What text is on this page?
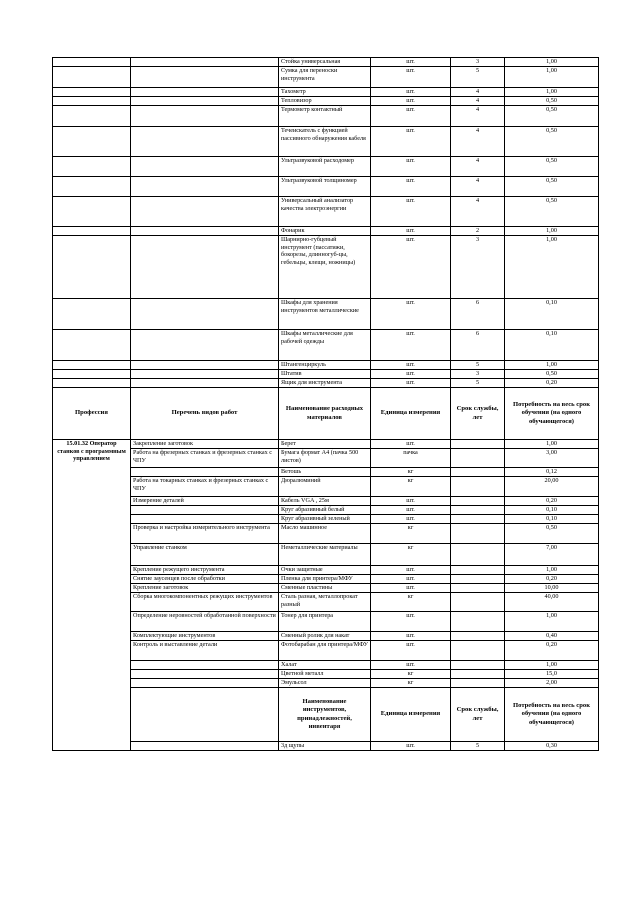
		Стойка универсальная	шт.	3	1,00
		Сумка для переноски инструмента	шт.	5	1,00
		Тахометр	шт.	4	1,00
		Тепловизор	шт.	4	0,50
		Термометр контактный	шт.	4	0,50
		Течеискатель с функцией пассивного обнаружения кабеля	шт.	4	0,50
		Ультразвуковой расходомер	шт.	4	0,50
		Ультразвуковой толщиномер	шт.	4	0,50
		Универсальный анализатор качества электроэнергии	шт.	4	0,50
		Фонарик	шт.	2	1,00
		Шарнирно-губцевый инструмент (пассатижи, бокорезы, длинногуб-цы, гебельцы, клещи, ножницы)	шт.	3	1,00
		Шкафы для хранения инструментов металлические	шт.	6	0,10
		Шкафы металлические для рабочей одежды	шт.	6	0,10
		Штангенциркуль	шт.	5	1,00
		Штатив	шт.	3	0,50
		Ящик для инструмента	шт.	5	0,20
Профессия	Перечень видов работ	Наименование расходных материалов	Единица измерения	Срок службы, лет	Потребность на весь срок обучения (на одного обучающегося)
15.01.32 Оператор станков с программным управлением	Закрепление заготовок	Берет	шт.		1,00
	Работа на фрезерных станках и фрезерных станках с ЧПУ	Бумага формат А4 (пачка 500 листов)	пачка		3,00
		Ветошь	кг		0,12
	Работа на токарных станках и фрезерных станках с ЧПУ	Дюралюминий	кг		20,00
	Измерение деталей	Кабель VGA , 25м	шт.		0,20
		Круг абразивный белый	шт.		0,10
		Круг абразивный зеленый	шт.		0,10
	Проверка и настройка измерительного инструмента	Масло машинное	кг		0,50
	Управление станком	Неметаллические материалы	кг		7,00
	Крепление режущего инструмента	Очки защитные	шт.		1,00
	Снятие заусенцев после обработки	Пленка для принтера/МФУ	шт.		0,20
	Крепление заготовок	Сменные пластины	шт.		10,00
	Сборка многокомпонентных режущих инструментов	Сталь разная, металлопрокат разный	кг		40,00
	Определение неровностей обработанной поверхности	Тонер для принтера	шт.		1,00
	Комплектующие инструментов	Сменный ролик для накат	шт.		0,40
	Контроль и выставление детали	Фотобарабан для принтера/МФУ	шт.		0,20
		Халат	шт.		1,00
		Цветной металл	кг		15,0
		Эмульсол	кг		2,00
		Наименование инструментов, принадлежностей, инвентаря	Единица измерения	Срок службы, лет	Потребность на весь срок обучения (на одного обучающегося)
		3д щупы	шт.	5	0,30
